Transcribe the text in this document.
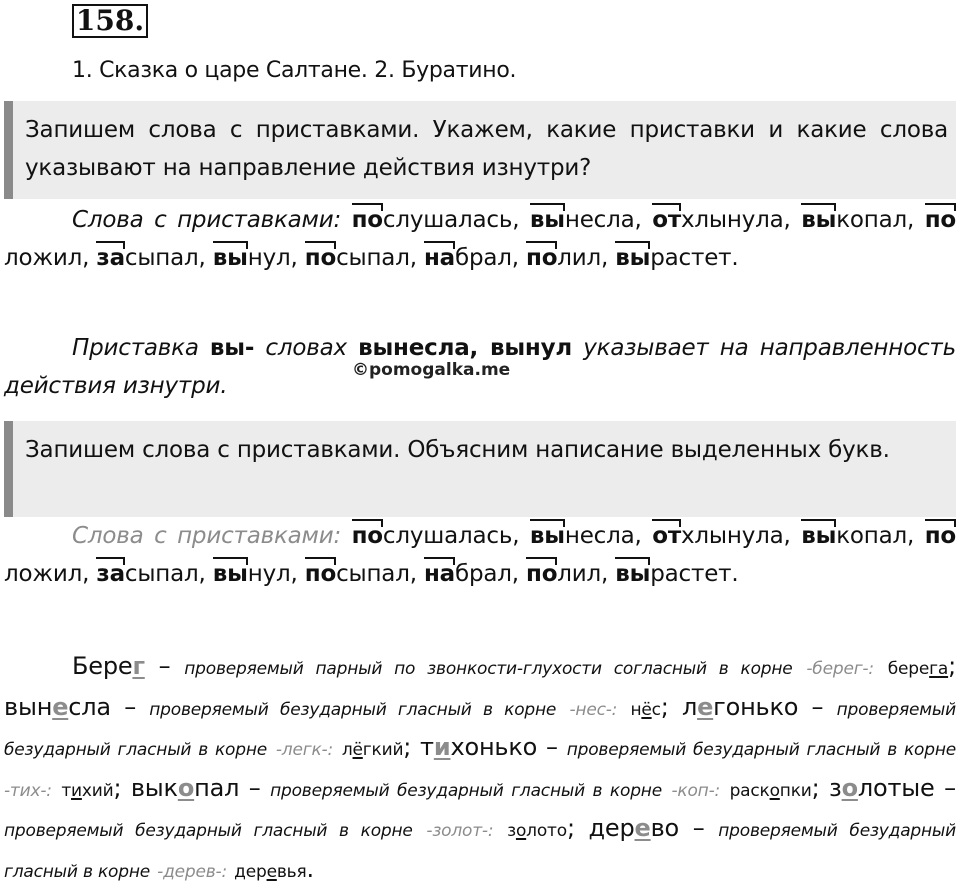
158.
1. Сказка о царе Салтане. 2. Буратино.
Запишем слова с приставками. Укажем, какие приставки и какие слова указывают на направление действия изнутри?
Слова с приставками: послушалась, вынесла, отхлынула, выкопал, положил, засыпал, вынул, посыпал, набрал, полил, вырастет.
Приставка вы- словах вынесла, вынул указывает на направленность действия изнутри.
©pomogalka.me
Запишем слова с приставками. Объясним написание выделенных букв.
Слова с приставками: послушалась, вынесла, отхлынула, выкопал, положил, засыпал, вынул, посыпал, набрал, полил, вырастет.
Берег – проверяемый парный по звонкости-глухости согласный в корне -берег-: берега; вынесла – проверяемый безударный гласный в корне -нес-: нёс; легонько – проверяемый безударный гласный в корне -легк-: лёгкий; тихонько – проверяемый безударный гласный в корне -тих-: тихий; выкопал – проверяемый безударный гласный в корне -коп-: раскопки; золотые – проверяемый безударный гласный в корне -золот-: золото; дерево – проверяемый безударный гласный в корне -дерев-: деревья.
